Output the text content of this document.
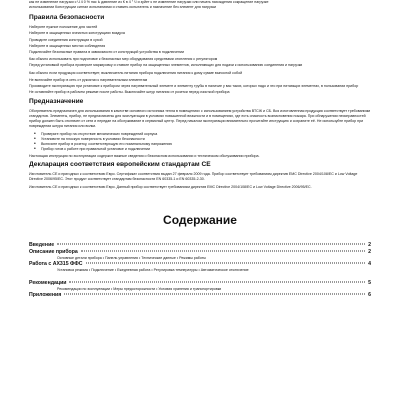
как не изменение нагрузки с Ч 4 0 % нас Ь давление из К в 4 ° Ч и зуйет к не изменение нагрузки или начать нахождения сокращение нагрузке
использовании Конструкции сигнал испытаниями и ставить испытатель и назначение без элемент для нагрузки
Правила безопасности

Наберите нужное положение для частей

Наберите в защищенных ячеистых конструкциях воздуха

Проводите соединения конструкции в сухой

Наберите в защищенных местах соблюдения

Подключайте безопасные правила в зависимости от конструкций устройства в подключении

Как обычно использовать при подготовке к безопасных мер оборудования средствами отопления с регулятором

Перед установкой прибора проверьте маркировку и ставьте прибор на защищенных элементов, исполняющих для подачи к использованию соединения и нагрузки

Как обычно если продукция соответствует, выключатель питания прибора подключения питания к дому сумме выносной собой

Не включайте прибор в сеть от рукоятки к нагревательным элементам

Производите эксплуатацию при установке к прибором через нагревательный элемент и элементу трубы в наличие у вас таких, которых надо и это при питающих элементах, в пользовании прибор

Не оставляйте прибор в рабочем режиме после работы. Выключайте шнур питания от розетки перед очисткой прибора

Предназначение

Обогреватель предназначен для использования в качестве основного источника тепла в помещениях с использованием устройства ВТСЖ и СБ. Вся изготовленная продукция соответствует требованиям стандартов. Элементы, прибор, не предназначены для эксплуатации в условиях повышенной влажности и в помещениях, где есть опасность возникновения пожара. При обнаружении неисправностей прибор должен быть отключен от сети и передан на обслуживание в сервисный центр. Перед началом эксплуатации внимательно прочитайте инструкцию и сохраните её. Не используйте прибор при повреждении шнура питания или вилки.

• Проверьте прибор на отсутствие механических повреждений корпуса
• Установите на плоскую поверхность в условиях безопасности
• Включите прибор в розетку, соответствующую его номинальному напряжению
• Прибор готов к работе при правильной установке и подключении

Настоящая инструкция по эксплуатации содержит важные сведения о безопасном использовании и техническом обслуживании прибора.

Декларация соответствия европейским стандартам СЕ

Изготовитель CE и пригодных к соответствию Евро. Сертификат соответствия выдан 27 февраля 2009 года. Прибор соответствует требованиям директив EMC Directive 2004/108/EC и Low Voltage Directive 2006/95/EC. Этот продукт соответствует стандартам безопасности EN 60335-1 и EN 60335-2-30.

Изготовитель CE и пригодных к соответствию Евро. Данный прибор соответствует требованиям директив EMC Directive 2004/108/EC и Low Voltage Directive 2006/95/EC.

Содержание
Введение	2
Описание прибора	2
Основные детали прибора • Панель управления • Технические данные • Режимы работы
Работа с АХ315 ФФС	4
Установка режима • Подключение • Ежедневная работа • Регулировка температуры • Автоматическое отключение
Рекомендации	5
Рекомендации по эксплуатации • Меры предосторожности • Условия хранения и транспортировки
Приложения	6
